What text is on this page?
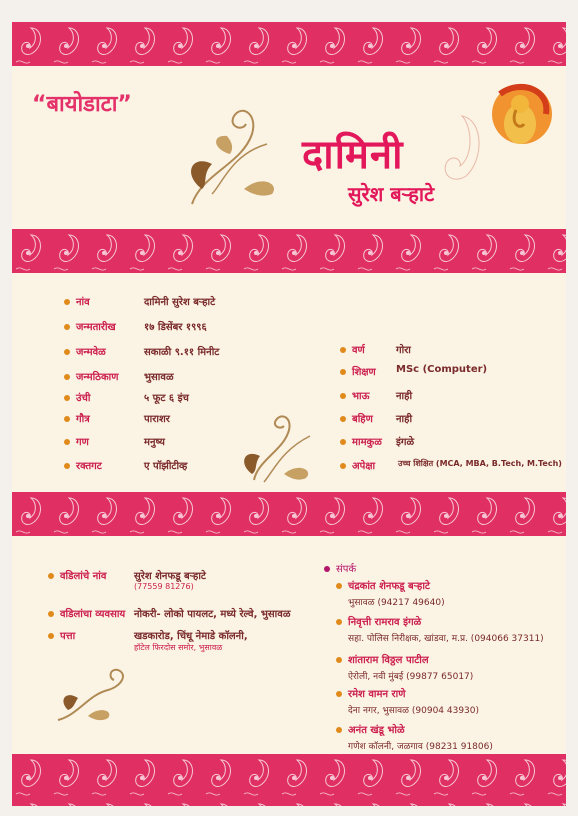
“बायोडाटा”
दामिनी
सुरेश बऱ्हाटे
नांव	दामिनी सुरेश बऱ्हाटे
जन्मतारीख	१७ डिसेंबर १९९६
जन्मवेळ	सकाळी ९.११ मिनीट
जन्मठिकाण	भुसावळ
उंची	५ फूट ६ इंच
गौत्र	पाराशर
गण	मनुष्य
रक्तगट	ए पॉझीटीव्ह
वर्ण	गोरा
शिक्षण MSc (Computer)
भाऊ	नाही
बहिण नाही
मामकुळ इंगळे
अपेक्षा	उच्च शिक्षित (MCA, MBA, B.Tech, M.Tech)
वडिलांचे नांव	सुरेश शेनफडू बऱ्हाटे
(77559 81276)
वडिलांचा व्यवसाय नोकरी- लोको पायलट, मध्ये रेल्वे, भुसावळ
पत्ता	खडकारोड, चिंधू नेमाडे कॉलनी,
हॉटेल फिरदोस समोर, भुसावळ
संपर्क
चंद्रकांत शेनफडू बऱ्हाटे
भुसावळ (94217 49640)
निवृत्ती रामराव इंगळे
सहा. पोलिस निरीक्षक, खांडवा, म.प्र. (094066 37311)
शांताराम विठ्ठल पाटील
ऐरोली, नवी मुंबई (99877 65017)
रमेश वामन राणे
देना नगर, भुसावळ (90904 43930)
अनंत खंडू भोळे
गणेश कॉलनी, जळगाव (98231 91806)
